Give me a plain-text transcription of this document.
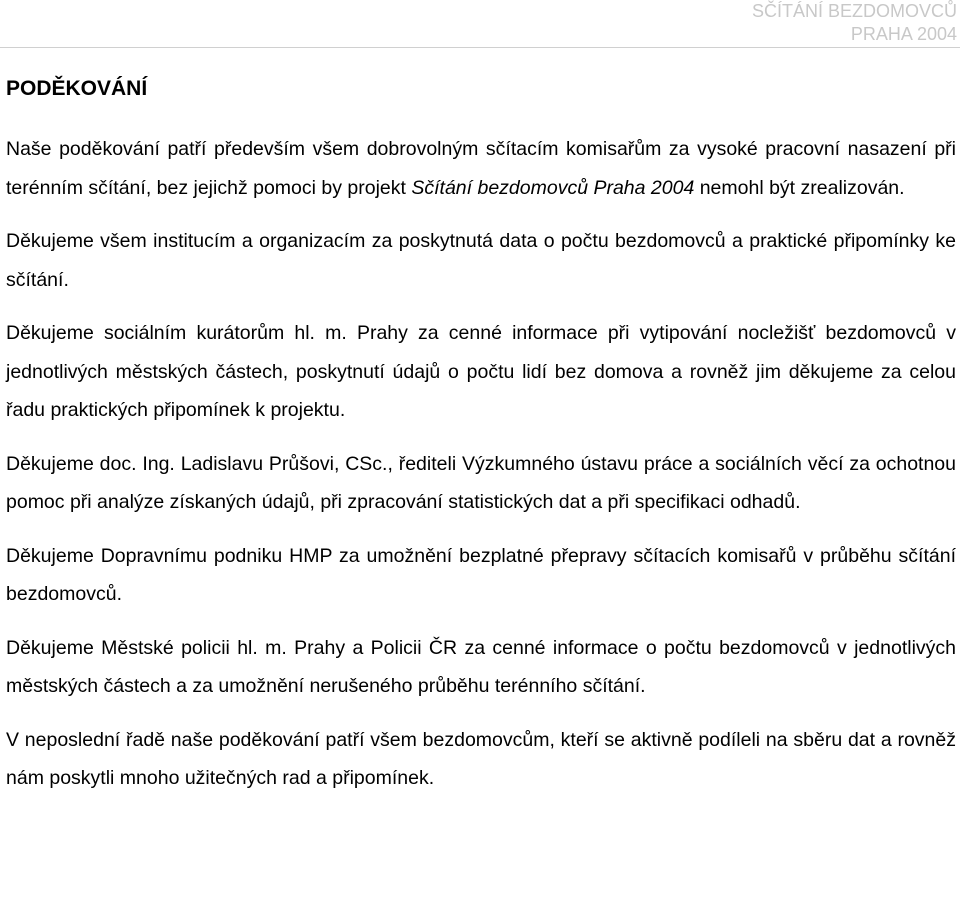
SČÍTÁNÍ BEZDOMOVCŮ
PRAHA 2004
PODĚKOVÁNÍ

Naše poděkování patří především všem dobrovolným sčítacím komisařům za vysoké pracovní nasazení při terénním sčítání, bez jejichž pomoci by projekt Sčítání bezdomovců Praha 2004 nemohl být zrealizován.

Děkujeme všem institucím a organizacím za poskytnutá data o počtu bezdomovců a praktické připomínky ke sčítání.

Děkujeme sociálním kurátorům hl. m. Prahy za cenné informace při vytipování nocležišť bezdomovců v jednotlivých městských částech, poskytnutí údajů o počtu lidí bez domova a rovněž jim děkujeme za celou řadu praktických připomínek k projektu.

Děkujeme doc. Ing. Ladislavu Průšovi, CSc., řediteli Výzkumného ústavu práce a sociálních věcí za ochotnou pomoc při analýze získaných údajů, při zpracování statistických dat a při specifikaci odhadů.

Děkujeme Dopravnímu podniku HMP za umožnění bezplatné přepravy sčítacích komisařů v průběhu sčítání bezdomovců.

Děkujeme Městské policii hl. m. Prahy a Policii ČR za cenné informace o počtu bezdomovců v jednotlivých městských částech a za umožnění nerušeného průběhu terénního sčítání.

V neposlední řadě naše poděkování patří všem bezdomovcům, kteří se aktivně podíleli na sběru dat a rovněž nám poskytli mnoho užitečných rad a připomínek.
